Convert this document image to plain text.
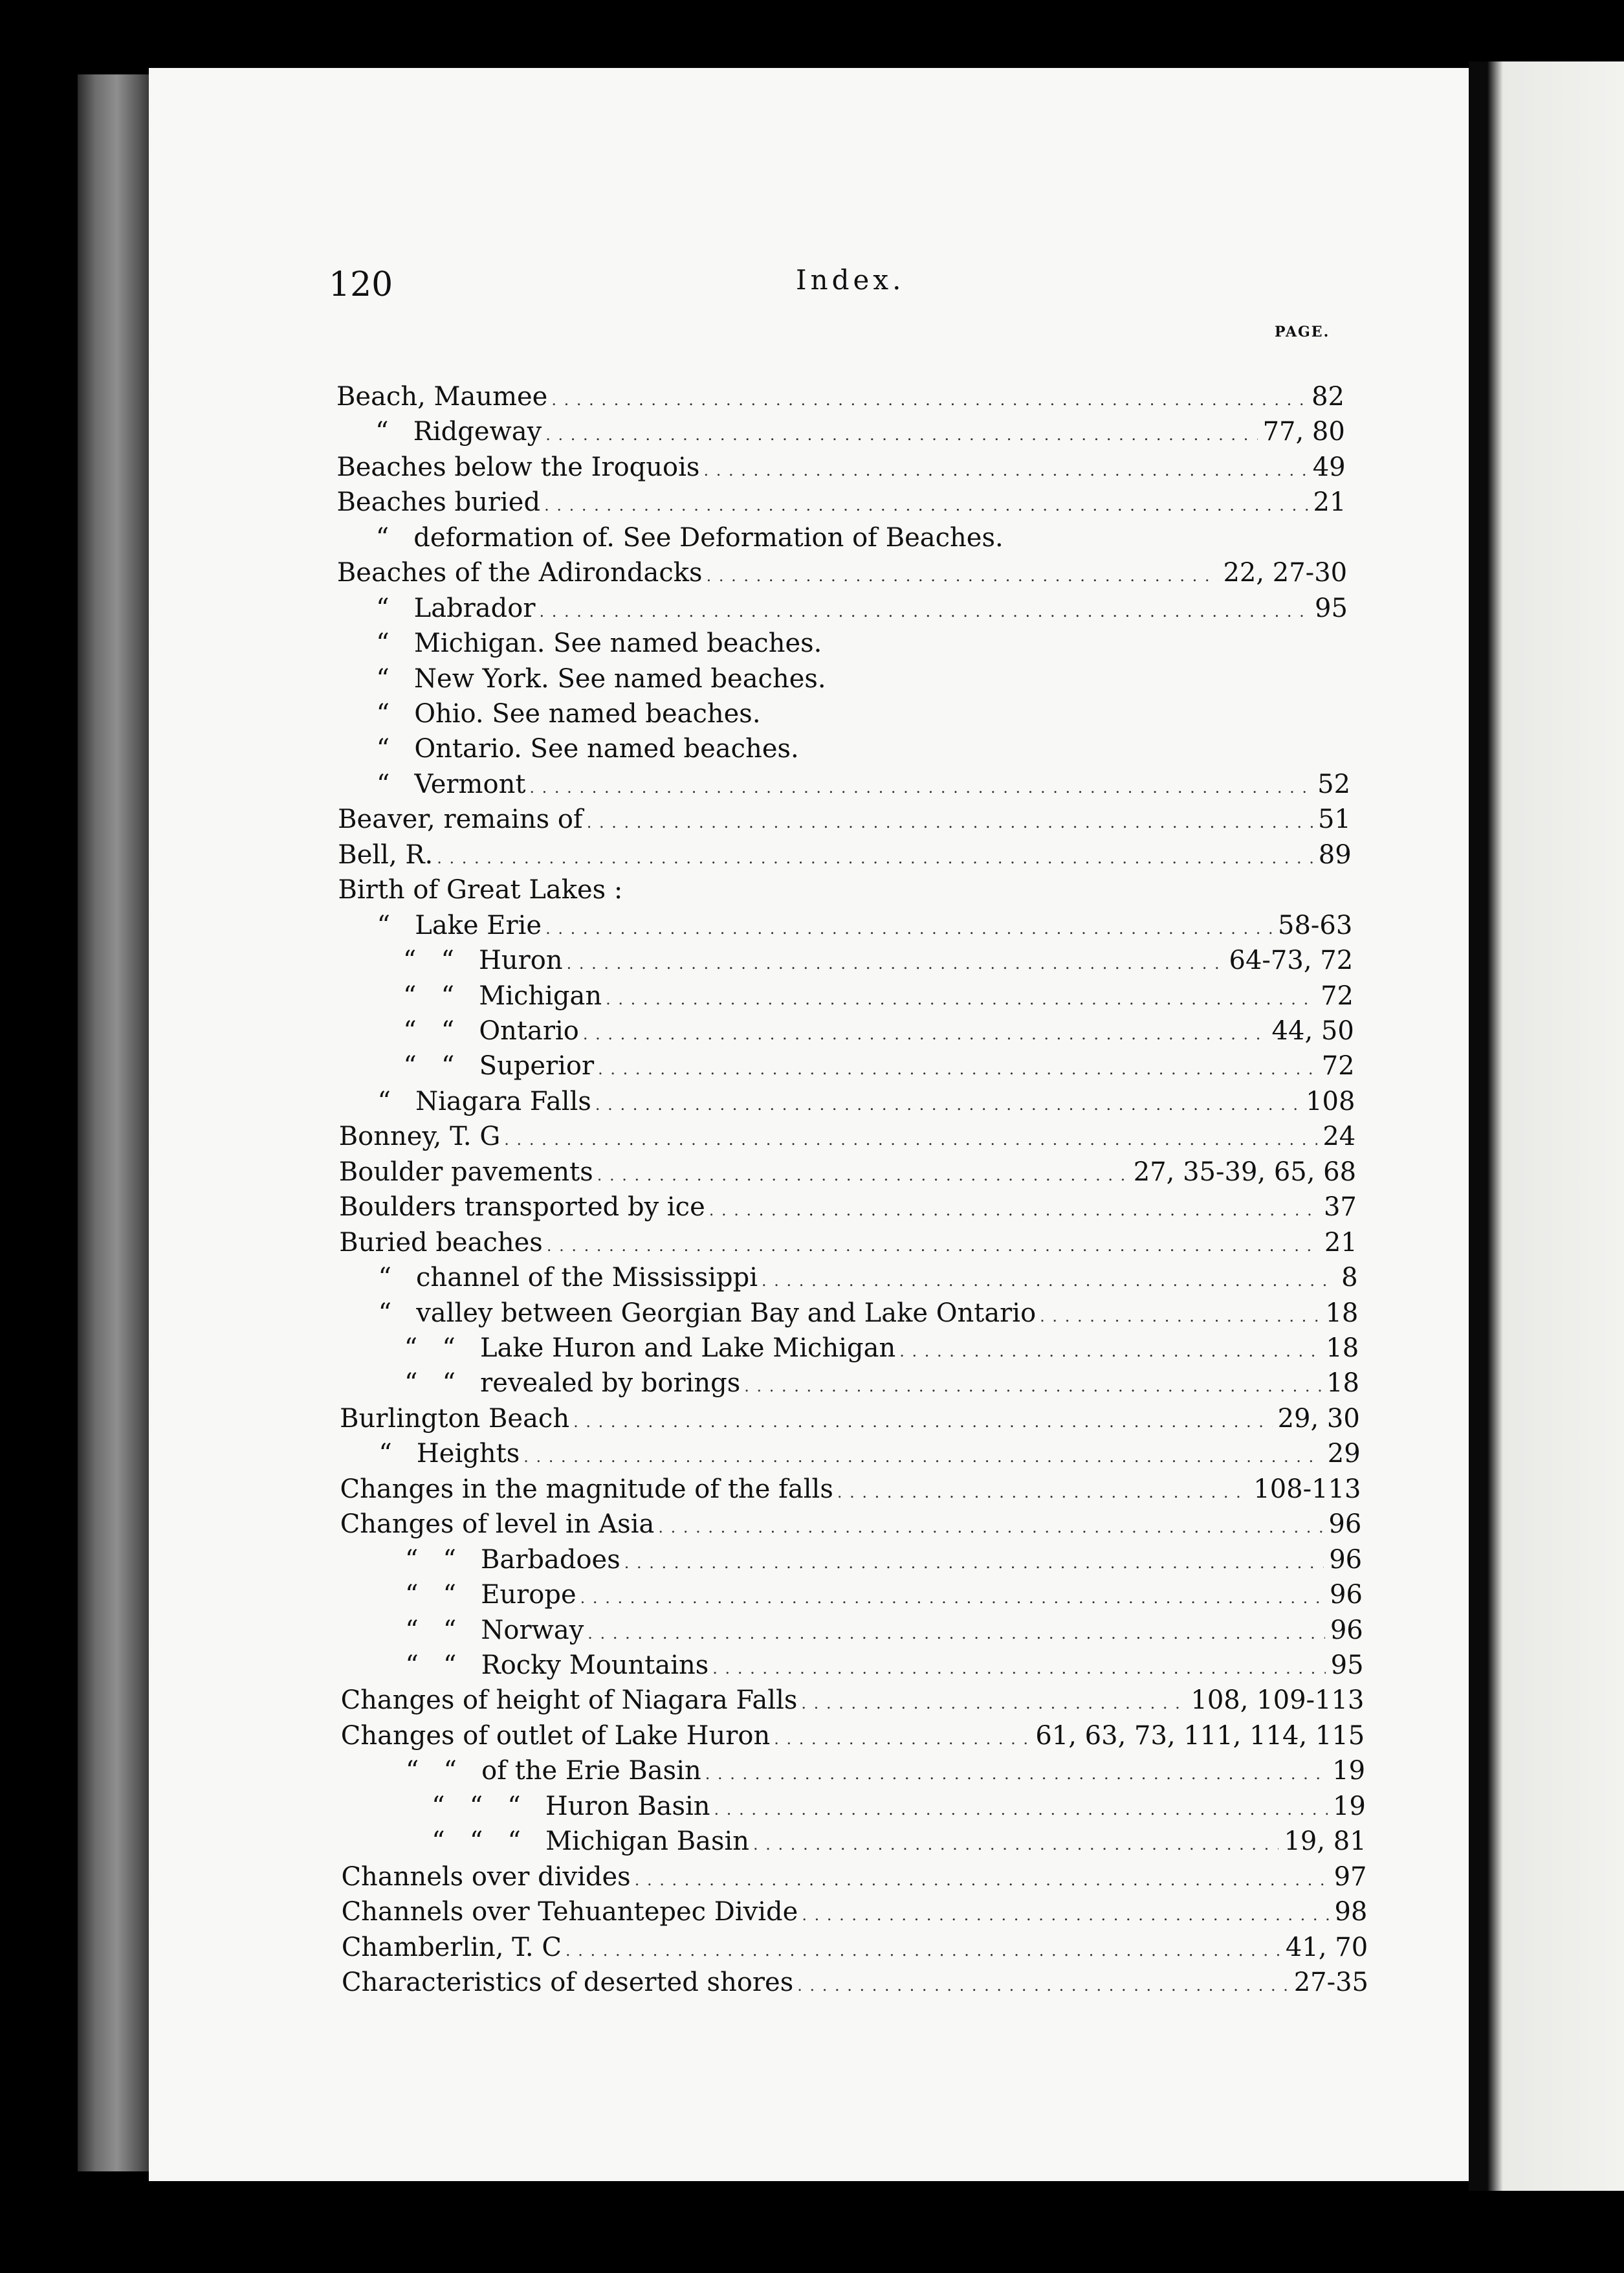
120	Index.
PAGE.
Beach, Maumee . . .	82
“   Ridgeway . . .	77, 80
Beaches below the Iroquois . . .	49
Beaches buried . . .	21
“   deformation of. See Deformation of Beaches.
Beaches of the Adirondacks . . .	22, 27-30
“   Labrador . . .	95
“   Michigan. See named beaches.
“   New York. See named beaches.
“   Ohio. See named beaches.
“   Ontario. See named beaches.
“   Vermont . . .	52
Beaver, remains of . . .	51
Bell, R. . . .	89
Birth of Great Lakes :
“   Lake Erie . . .	58-63
“   “   Huron . . .	64-73, 72
“   “   Michigan . . .	72
“   “   Ontario . . .	44, 50
“   “   Superior . . .	72
“   Niagara Falls . . .	108
Bonney, T. G . . .	24
Boulder pavements . . .	27, 35-39, 65, 68
Boulders transported by ice . . .	37
Buried beaches . . .	21
“   channel of the Mississippi . . .	8
“   valley between Georgian Bay and Lake Ontario . . .	18
“   “   Lake Huron and Lake Michigan . . .	18
“   “   revealed by borings . . .	18
Burlington Beach . . .	29, 30
“   Heights . . .	29
Changes in the magnitude of the falls . . .	108-113
Changes of level in Asia . . .	96
“   “   Barbadoes . . .	96
“   “   Europe . . .	96
“   “   Norway . . .	96
“   “   Rocky Mountains . . .	95
Changes of height of Niagara Falls . . .	108, 109-113
Changes of outlet of Lake Huron . . .	61, 63, 73, 111, 114, 115
“   “   of the Erie Basin . . .	19
“   “   “   Huron Basin . . .	19
“   “   “   Michigan Basin . . .	19, 81
Channels over divides . . .	97
Channels over Tehuantepec Divide . . .	98
Chamberlin, T. C . . .	41, 70
Characteristics of deserted shores . . .	27-35
